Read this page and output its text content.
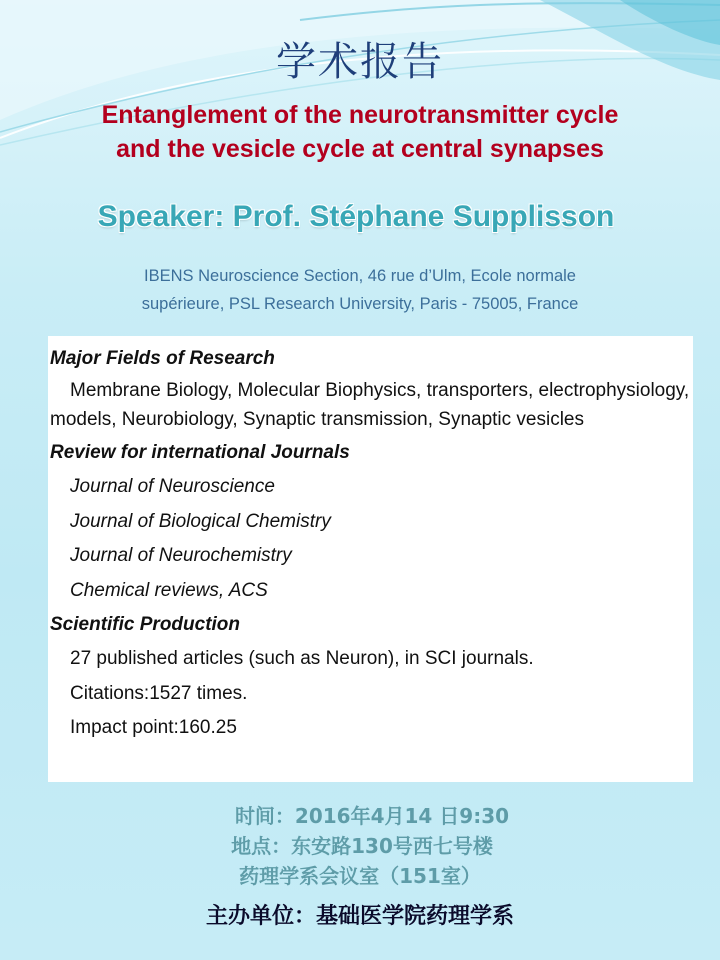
学术报告
Entanglement of the neurotransmitter cycle
and the vesicle cycle at central synapses
Speaker: Prof. Stéphane Supplisson
IBENS Neuroscience Section, 46 rue d’Ulm, Ecole normale
supérieure, PSL Research University, Paris - 75005, France
Major Fields of Research
Membrane Biology, Molecular Biophysics, transporters, electrophysiology, models, Neurobiology, Synaptic transmission, Synaptic vesicles
Review for international Journals
Journal of Neuroscience
Journal of Biological Chemistry
Journal of Neurochemistry
Chemical reviews, ACS
Scientific Production
27 published articles (such as Neuron), in SCI journals.
Citations:1527 times.
Impact point:160.25
时间：2016年4月14 日9:30
地点：东安路130号西七号楼
药理学系会议室（151室）
主办单位：基础医学院药理学系
